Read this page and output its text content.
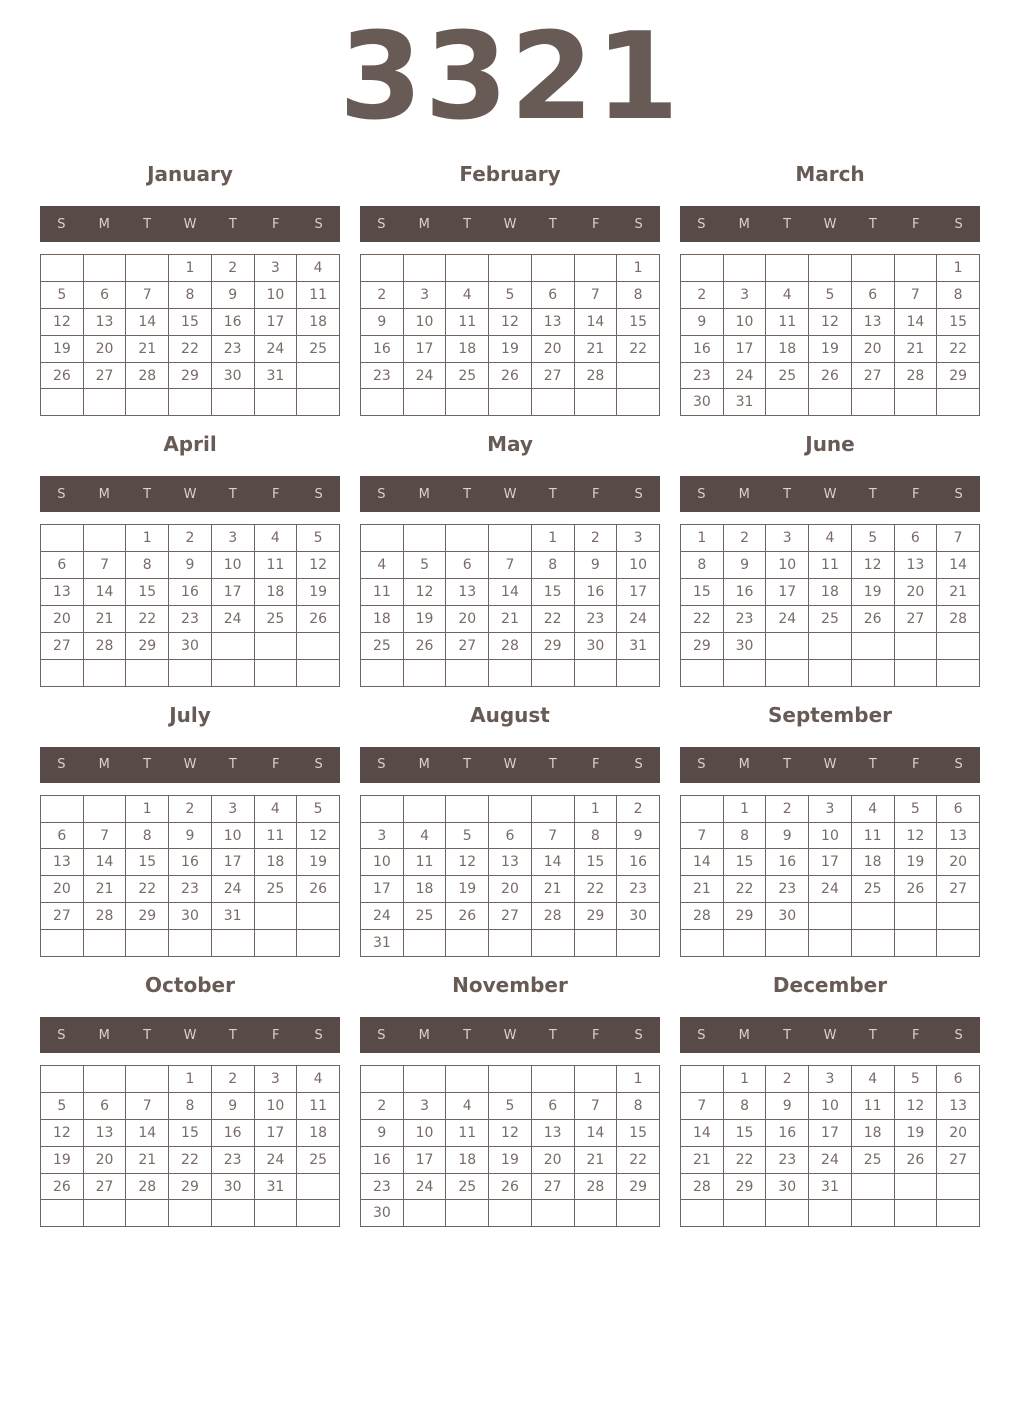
3321
January
S	M	T	W	T	F	S
			1	2	3	4
5	6	7	8	9	10	11
12	13	14	15	16	17	18
19	20	21	22	23	24	25
26	27	28	29	30	31	

February
S	M	T	W	T	F	S
						1
2	3	4	5	6	7	8
9	10	11	12	13	14	15
16	17	18	19	20	21	22
23	24	25	26	27	28	

March
S	M	T	W	T	F	S
						1
2	3	4	5	6	7	8
9	10	11	12	13	14	15
16	17	18	19	20	21	22
23	24	25	26	27	28	29
30	31					
April
S	M	T	W	T	F	S
		1	2	3	4	5
6	7	8	9	10	11	12
13	14	15	16	17	18	19
20	21	22	23	24	25	26
27	28	29	30			

May
S	M	T	W	T	F	S
				1	2	3
4	5	6	7	8	9	10
11	12	13	14	15	16	17
18	19	20	21	22	23	24
25	26	27	28	29	30	31

June
S	M	T	W	T	F	S
1	2	3	4	5	6	7
8	9	10	11	12	13	14
15	16	17	18	19	20	21
22	23	24	25	26	27	28
29	30					

July
S	M	T	W	T	F	S
		1	2	3	4	5
6	7	8	9	10	11	12
13	14	15	16	17	18	19
20	21	22	23	24	25	26
27	28	29	30	31		

August
S	M	T	W	T	F	S
					1	2
3	4	5	6	7	8	9
10	11	12	13	14	15	16
17	18	19	20	21	22	23
24	25	26	27	28	29	30
31						
September
S	M	T	W	T	F	S
	1	2	3	4	5	6
7	8	9	10	11	12	13
14	15	16	17	18	19	20
21	22	23	24	25	26	27
28	29	30				

October
S	M	T	W	T	F	S
			1	2	3	4
5	6	7	8	9	10	11
12	13	14	15	16	17	18
19	20	21	22	23	24	25
26	27	28	29	30	31	

November
S	M	T	W	T	F	S
						1
2	3	4	5	6	7	8
9	10	11	12	13	14	15
16	17	18	19	20	21	22
23	24	25	26	27	28	29
30						
December
S	M	T	W	T	F	S
	1	2	3	4	5	6
7	8	9	10	11	12	13
14	15	16	17	18	19	20
21	22	23	24	25	26	27
28	29	30	31			
